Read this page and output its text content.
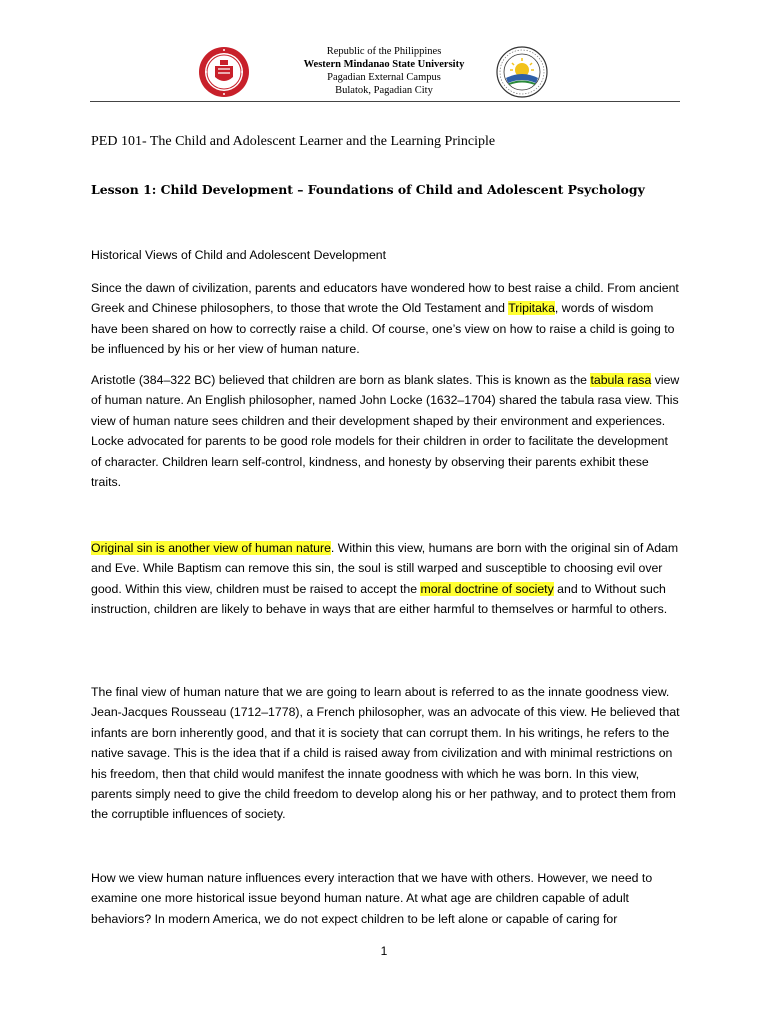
Republic of the Philippines
Western Mindanao State University
Pagadian External Campus
Bulatok, Pagadian City
PED 101- The Child and Adolescent Learner and the Learning Principle
Lesson 1: Child Development – Foundations of Child and Adolescent Psychology
Historical Views of Child and Adolescent Development
Since the dawn of civilization, parents and educators have wondered how to best raise a child. From ancient Greek and Chinese philosophers, to those that wrote the Old Testament and Tripitaka, words of wisdom have been shared on how to correctly raise a child. Of course, one’s view on how to raise a child is going to be influenced by his or her view of human nature.
Aristotle (384–322 BC) believed that children are born as blank slates. This is known as the tabula rasa view of human nature. An English philosopher, named John Locke (1632–1704) shared the tabula rasa view. This view of human nature sees children and their development shaped by their environment and experiences. Locke advocated for parents to be good role models for their children in order to facilitate the development of character. Children learn self-control, kindness, and honesty by observing their parents exhibit these traits.
Original sin is another view of human nature. Within this view, humans are born with the original sin of Adam and Eve. While Baptism can remove this sin, the soul is still warped and susceptible to choosing evil over good. Within this view, children must be raised to accept the moral doctrine of society and to Without such instruction, children are likely to behave in ways that are either harmful to themselves or harmful to others.
The final view of human nature that we are going to learn about is referred to as the innate goodness view. Jean-Jacques Rousseau (1712–1778), a French philosopher, was an advocate of this view. He believed that infants are born inherently good, and that it is society that can corrupt them. In his writings, he refers to the native savage. This is the idea that if a child is raised away from civilization and with minimal restrictions on his freedom, then that child would manifest the innate goodness with which he was born. In this view, parents simply need to give the child freedom to develop along his or her pathway, and to protect them from the corruptible influences of society.
How we view human nature influences every interaction that we have with others. However, we need to examine one more historical issue beyond human nature. At what age are children capable of adult behaviors? In modern America, we do not expect children to be left alone or capable of caring for
1
